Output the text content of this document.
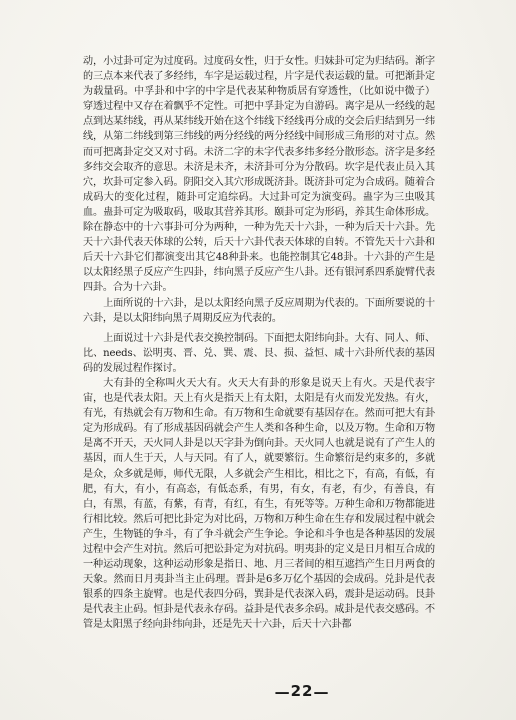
动，小过卦可定为过度码。过度码女性，归于女性。归妹卦可定为归结码。渐字的三点本来代表了多经纬，车字是运载过程，片字是代表运载的量。可把渐卦定为载量码。中孚卦和中字的中字是代表某种物质居有穿透性，（比如说中微子）穿透过程中又存在着飘乎不定性。可把中孚卦定为自游码。离字是从一经线的起点到达某纬线，再从某纬线开始在这个纬线下经线再分成的交会后归结到另一纬线，从第二纬线到第三纬线的两分经线的两分经线中间形成三角形的对寸点。然而可把离卦定交又对寸码。未济二字的未字代表多纬多经分散形态。济字是多经多纬交会取齐的意思。未济是未齐，未济卦可分为分散码。坎字是代表止员入其穴，坎卦可定参入码。阴阳交入其穴形成既济卦。既济卦可定为合成码。随着合成码大的变化过程，随卦可定追综码。大过卦可定为演变码。蛊字为三虫吸其血。蛊卦可定为吸取码，吸取其营养其形。颐卦可定为形码，养其生命体形成。除在静态中的十六事卦可分为两种，一种为先天十六卦，一种为后天十六卦。先天十六卦代表天体球的公转，后天十六卦代表天体球的自转。不管先天十六卦和后天十六卦它们都演变出其它48种卦来。也能控制其它48卦。十六卦的产生是以太阳经黑子反应产生四卦，纬向黑子反应产生八卦。还有银河系四系旋臂代表四卦。合为十六卦。

上面所说的十六卦，是以太阳经向黑子反应周期为代表的。下面所要说的十六卦，是以太阳纬向黑子周期反应为代表的。

上面说过十六卦是代表交换控制码。下面把太阳纬向卦。大有、同人、师、比、needs、讼明夷、晋、兑、巽、震、艮、损、益恒、咸十六卦所代表的基因码的发展过程作探讨。

大有卦的全称叫火天大有。火天大有卦的形象是说天上有火。天是代表宇宙，也是代表太阳。天上有火是指天上有太阳，太阳是有火而发光发热。有火，有光，有热就会有万物和生命。有万物和生命就要有基因存在。然而可把大有卦定为形成码。有了形成基因码就会产生人类和各种生命，以及万物。生命和万物是离不开天，天火同人卦是以天字卦为倒向卦。天火同人也就是说有了产生人的基因，而人生于天，人与天同。有了人，就要繁衍。生命繁衍是约束多的，多就是众，众多就是师，师代无限，人多就会产生相比，相比之下，有高，有低，有肥，有大，有小，有高态，有低态系，有男，有女，有老，有少，有善良，有白，有黑，有蓝，有紫，有青，有红，有生，有死等等。万种生命和万物都能进行相比较。然后可把比卦定为对比码，万物和万种生命在生存和发展过程中就会产生，生物链的争斗，有了争斗就会产生争论。争论和斗争也是各种基因的发展过程中会产生对抗。然后可把讼卦定为对抗码。明夷卦的定义是日月相互合成的一种运动现象，这种运动形象是指日、地、月三者间的相互遮挡产生日月两食的天象。然而日月夷卦当主止码理。晋卦是6多万亿个基因的会成码。兑卦是代表银系的四条主旋臂。也是代表四分码，巽卦是代表深入码，震卦是运动码。艮卦是代表主止码。恒卦是代表永存码。益卦是代表多余码。咸卦是代表交感码。不管是太阳黑子经向卦纬向卦，还是先天十六卦，后天十六卦都

—22—
